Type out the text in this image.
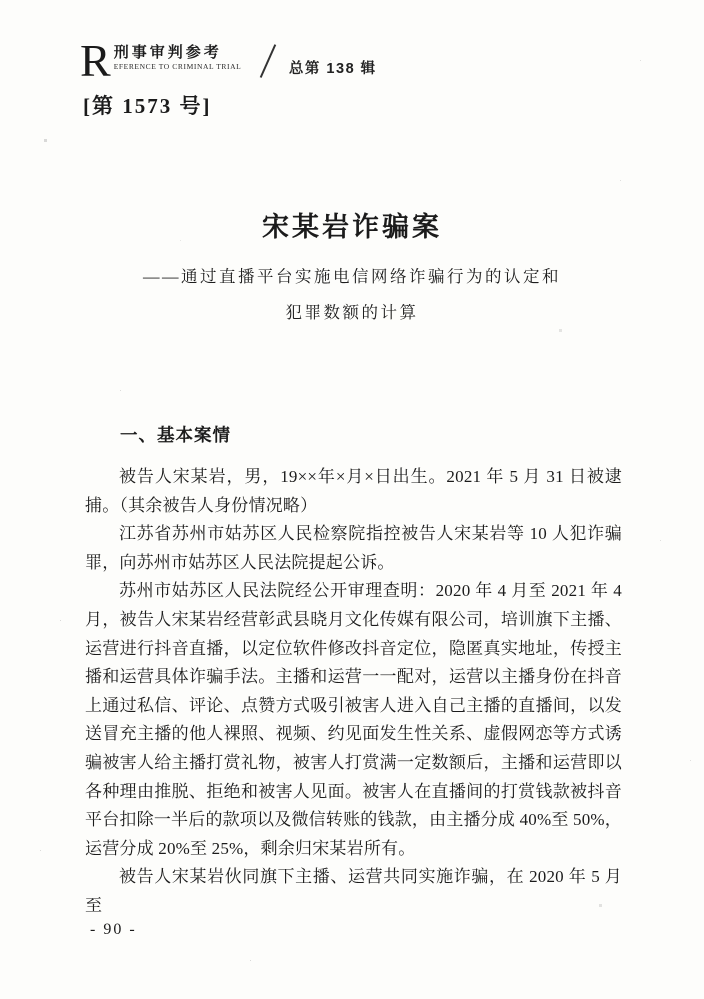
R 刑事审判参考
EFERENCE TO CRIMINAL TRIAL	总第 138 辑
[第 1573 号]
宋某岩诈骗案
——通过直播平台实施电信网络诈骗行为的认定和
犯罪数额的计算
一、基本案情

被告人宋某岩，男，19××年×月×日出生。2021 年 5 月 31 日被逮捕。（其余被告人身份情况略）

江苏省苏州市姑苏区人民检察院指控被告人宋某岩等 10 人犯诈骗罪，向苏州市姑苏区人民法院提起公诉。

苏州市姑苏区人民法院经公开审理查明：2020 年 4 月至 2021 年 4 月，被告人宋某岩经营彰武县晓月文化传媒有限公司，培训旗下主播、运营进行抖音直播，以定位软件修改抖音定位，隐匿真实地址，传授主播和运营具体诈骗手法。主播和运营一一配对，运营以主播身份在抖音上通过私信、评论、点赞方式吸引被害人进入自己主播的直播间，以发送冒充主播的他人裸照、视频、约见面发生性关系、虚假网恋等方式诱骗被害人给主播打赏礼物，被害人打赏满一定数额后，主播和运营即以各种理由推脱、拒绝和被害人见面。被害人在直播间的打赏钱款被抖音平台扣除一半后的款项以及微信转账的钱款，由主播分成 40%至 50%，运营分成 20%至 25%，剩余归宋某岩所有。

被告人宋某岩伙同旗下主播、运营共同实施诈骗，在 2020 年 5 月至

- 90 -
